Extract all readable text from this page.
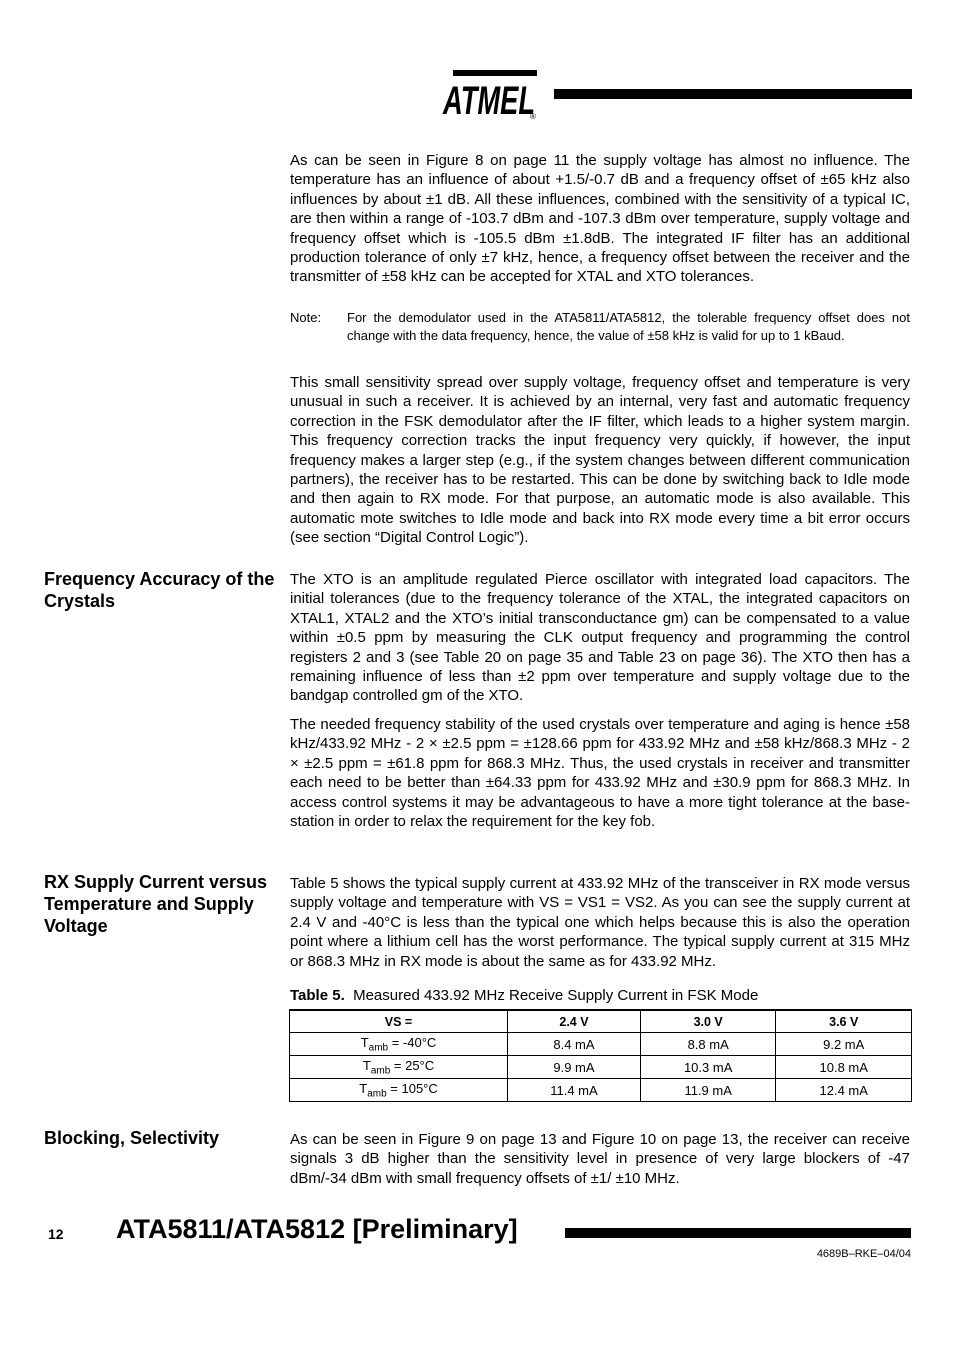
ATMEL
®

As can be seen in Figure 8 on page 11 the supply voltage has almost no influence. The temperature has an influence of about +1.5/-0.7 dB and a frequency offset of ±65 kHz also influences by about ±1 dB. All these influences, combined with the sensitivity of a typical IC, are then within a range of -103.7 dBm and -107.3 dBm over temperature, supply voltage and frequency offset which is -105.5 dBm ±1.8dB. The integrated IF filter has an additional production tolerance of only ±7 kHz, hence, a frequency offset between the receiver and the transmitter of ±58 kHz can be accepted for XTAL and XTO tolerances.

Note: For the demodulator used in the ATA5811/ATA5812, the tolerable frequency offset does not change with the data frequency, hence, the value of ±58 kHz is valid for up to 1 kBaud.

This small sensitivity spread over supply voltage, frequency offset and temperature is very unusual in such a receiver. It is achieved by an internal, very fast and automatic frequency correction in the FSK demodulator after the IF filter, which leads to a higher system margin. This frequency correction tracks the input frequency very quickly, if however, the input frequency makes a larger step (e.g., if the system changes between different communication partners), the receiver has to be restarted. This can be done by switching back to Idle mode and then again to RX mode. For that purpose, an automatic mode is also available. This automatic mote switches to Idle mode and back into RX mode every time a bit error occurs (see section “Digital Control Logic”).

Frequency Accuracy of the Crystals

The XTO is an amplitude regulated Pierce oscillator with integrated load capacitors. The initial tolerances (due to the frequency tolerance of the XTAL, the integrated capacitors on XTAL1, XTAL2 and the XTO’s initial transconductance gm) can be compensated to a value within ±0.5 ppm by measuring the CLK output frequency and programming the control registers 2 and 3 (see Table 20 on page 35 and Table 23 on page 36). The XTO then has a remaining influence of less than ±2 ppm over temperature and supply voltage due to the bandgap controlled gm of the XTO.

The needed frequency stability of the used crystals over temperature and aging is hence ±58 kHz/433.92 MHz - 2 × ±2.5 ppm = ±128.66 ppm for 433.92 MHz and ±58 kHz/868.3 MHz - 2 × ±2.5 ppm = ±61.8 ppm for 868.3 MHz. Thus, the used crystals in receiver and transmitter each need to be better than ±64.33 ppm for 433.92 MHz and ±30.9 ppm for 868.3 MHz. In access control systems it may be advantageous to have a more tight tolerance at the base-station in order to relax the requirement for the key fob.

RX Supply Current versus Temperature and Supply Voltage

Table 5 shows the typical supply current at 433.92 MHz of the transceiver in RX mode versus supply voltage and temperature with VS = VS1 = VS2. As you can see the supply current at 2.4 V and -40°C is less than the typical one which helps because this is also the operation point where a lithium cell has the worst performance. The typical supply current at 315 MHz or 868.3 MHz in RX mode is about the same as for 433.92 MHz.

Table 5. Measured 433.92 MHz Receive Supply Current in FSK Mode
VS =	2.4 V	3.0 V	3.6 V
$T_{amb} = -40^\circ C$	8.4 mA	8.8 mA	9.2 mA
$T_{amb} = 25^\circ C$	9.9 mA	10.3 mA	10.8 mA
$T_{amb} = 105^\circ C$	11.4 mA	11.9 mA	12.4 mA
Blocking, Selectivity	As can be seen in Figure 9 on page 13 and Figure 10 on page 13, the receiver can receive signals 3 dB higher than the sensitivity level in presence of very large blockers of -47 dBm/-34 dBm with small frequency offsets of ±1/ ±10 MHz.

12 ATA5811/ATA5812 [Preliminary]
4689B–RKE–04/04
